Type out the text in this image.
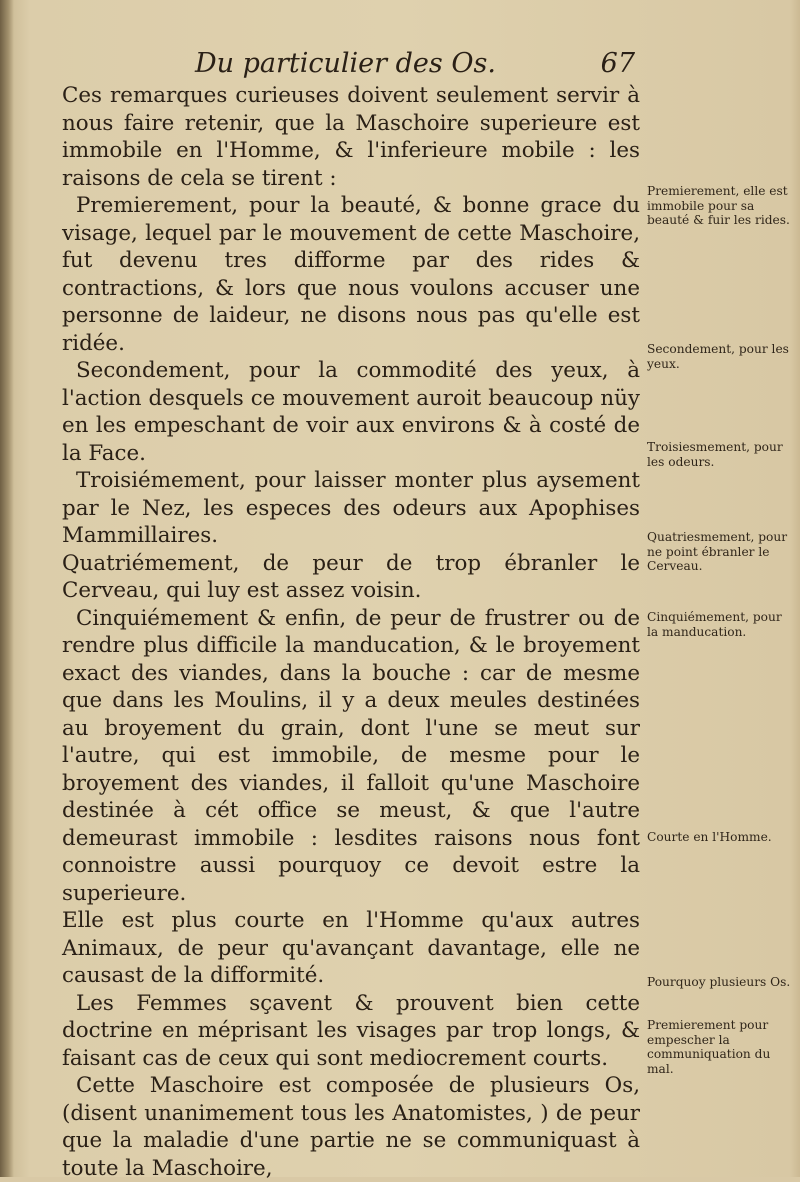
Du particulier des Os.	67

Ces remarques curieuses doivent seulement servir à nous faire retenir, que la Maschoire superieure est immobile en l'Homme, & l'inferieure mobile : les raisons de cela se tirent :

Premierement, pour la beauté, & bonne grace du visage, lequel par le mouvement de cette Maschoire, fut devenu tres difforme par des rides & contractions, & lors que nous voulons accuser une personne de laideur, ne disons nous pas qu'elle est ridée.

Secondement, pour la commodité des yeux, à l'action desquels ce mouvement auroit beaucoup nüy en les empeschant de voir aux environs & à costé de la Face.

Troisiémement, pour laisser monter plus aysement par le Nez, les especes des odeurs aux Apophises Mammillaires.

Quatriémement, de peur de trop ébranler le Cerveau, qui luy est assez voisin.

Cinquiémement & enfin, de peur de frustrer ou de rendre plus difficile la manducation, & le broyement exact des viandes, dans la bouche : car de mesme que dans les Moulins, il y a deux meules destinées au broyement du grain, dont l'une se meut sur l'autre, qui est immobile, de mesme pour le broyement des viandes, il falloit qu'une Maschoire destinée à cét office se meust, & que l'autre demeurast immobile : lesdites raisons nous font connoistre aussi pourquoy ce devoit estre la superieure.

Elle est plus courte en l'Homme qu'aux autres Animaux, de peur qu'avançant davantage, elle ne causast de la difformité.

Les Femmes sçavent & prouvent bien cette doctrine en méprisant les visages par trop longs, & faisant cas de ceux qui sont mediocrement courts.

Cette Maschoire est composée de plusieurs Os, (disent unanimement tous les Anatomistes, ) de peur que la maladie d'une partie ne se communiquast à toute la Maschoire,

Premierement, elle est immobile pour sa beauté & fuir les rides.

Secondement, pour les yeux.

Troisiesmement, pour les odeurs.

Quatriesmement, pour ne point ébranler le Cerveau.

Cinquiémement, pour la manducation.

Courte en l'Homme.

Pourquoy plusieurs Os.

Premierement pour empescher la communiquation du mal.
